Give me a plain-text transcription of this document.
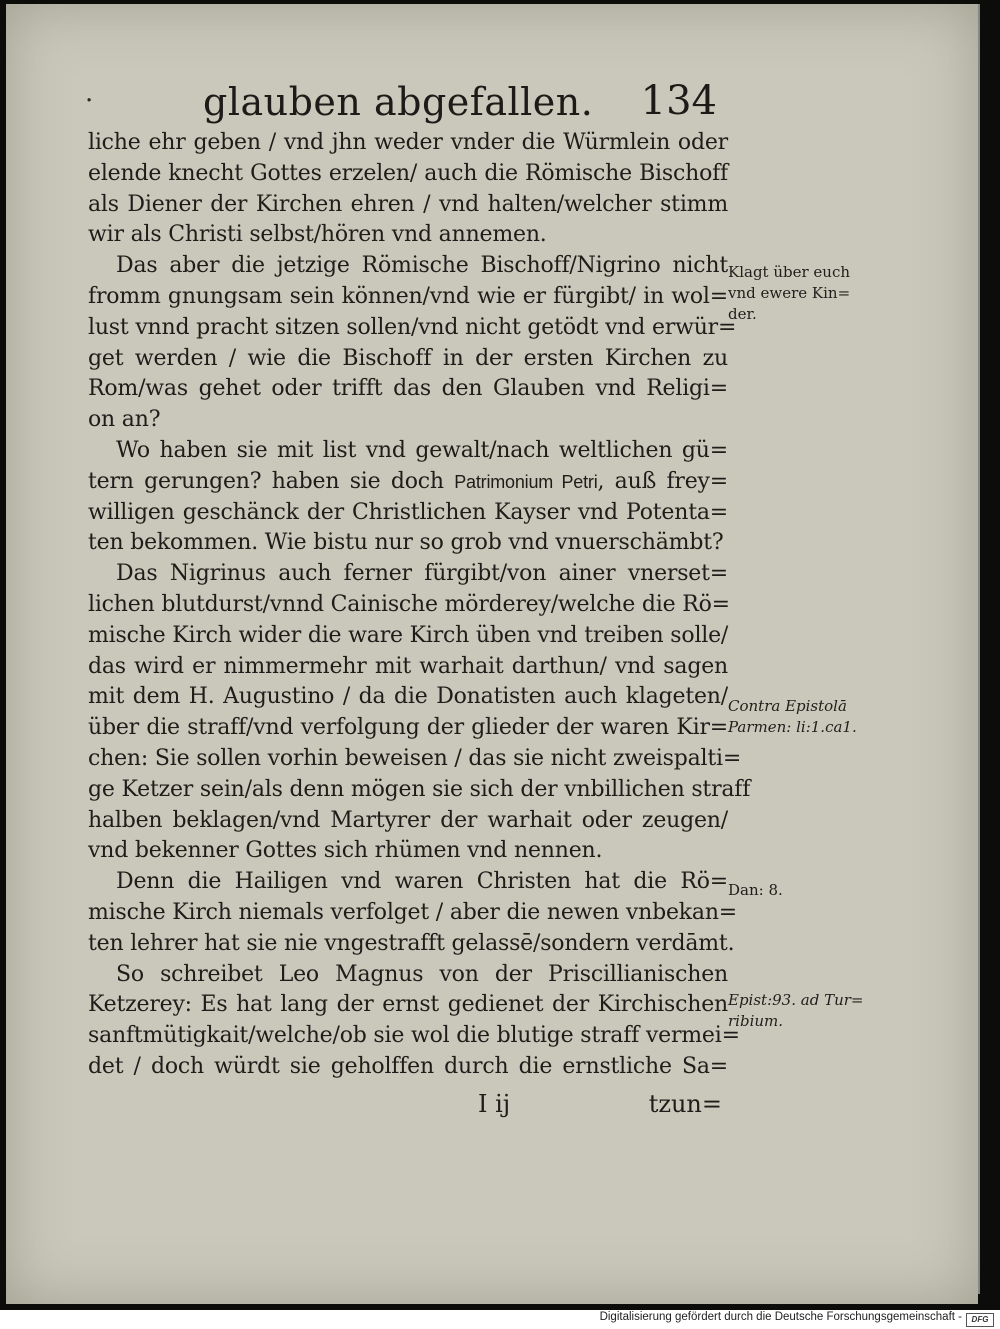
·	glauben abgefallen. 134
liche ehr geben / vnd jhn weder vnder die Würmlein oder
elende knecht Gottes erzelen/ auch die Römische Bischoff
als Diener der Kirchen ehren / vnd halten/welcher stimm
wir als Christi selbst/hören vnd annemen.
Das aber die jetzige Römische Bischoff/Nigrino nicht
fromm gnungsam sein können/vnd wie er fürgibt/ in wol=
lust vnnd pracht sitzen sollen/vnd nicht getödt vnd erwür=
get werden / wie die Bischoff in der ersten Kirchen zu
Rom/was gehet oder trifft das den Glauben vnd Religi=
on an?
Wo haben sie mit list vnd gewalt/nach weltlichen gü=
tern gerungen? haben sie doch Patrimonium Petri, auß frey=
willigen geschänck der Christlichen Kayser vnd Potenta=
ten bekommen. Wie bistu nur so grob vnd vnuerschämbt?
Das Nigrinus auch ferner fürgibt/von ainer vnerset=
lichen blutdurst/vnnd Cainische mörderey/welche die Rö=
mische Kirch wider die ware Kirch üben vnd treiben solle/
das wird er nimmermehr mit warhait darthun/ vnd sagen
mit dem H. Augustino / da die Donatisten auch klageten/
über die straff/vnd verfolgung der glieder der waren Kir=
chen: Sie sollen vorhin beweisen / das sie nicht zweispalti=
ge Ketzer sein/als denn mögen sie sich der vnbillichen straff
halben beklagen/vnd Martyrer der warhait oder zeugen/
vnd bekenner Gottes sich rhümen vnd nennen.
Denn die Hailigen vnd waren Christen hat die Rö=
mische Kirch niemals verfolget / aber die newen vnbekan=
ten lehrer hat sie nie vngestrafft gelassē/sondern verdāmt.
So schreibet Leo Magnus von der Priscillianischen
Ketzerey: Es hat lang der ernst gedienet der Kirchischen
sanftmütigkait/welche/ob sie wol die blutige straff vermei=
det / doch würdt sie geholffen durch die ernstliche Sa=
Klagt über euch
vnd ewere Kin=
der.
Contra Epistolā
Parmen: li:1.ca1.
Dan: 8.
Epist:93. ad Tur=
ribium.
I ij	tzun=
Digitalisierung gefördert durch die Deutsche Forschungsgemeinschaft -	DFG
